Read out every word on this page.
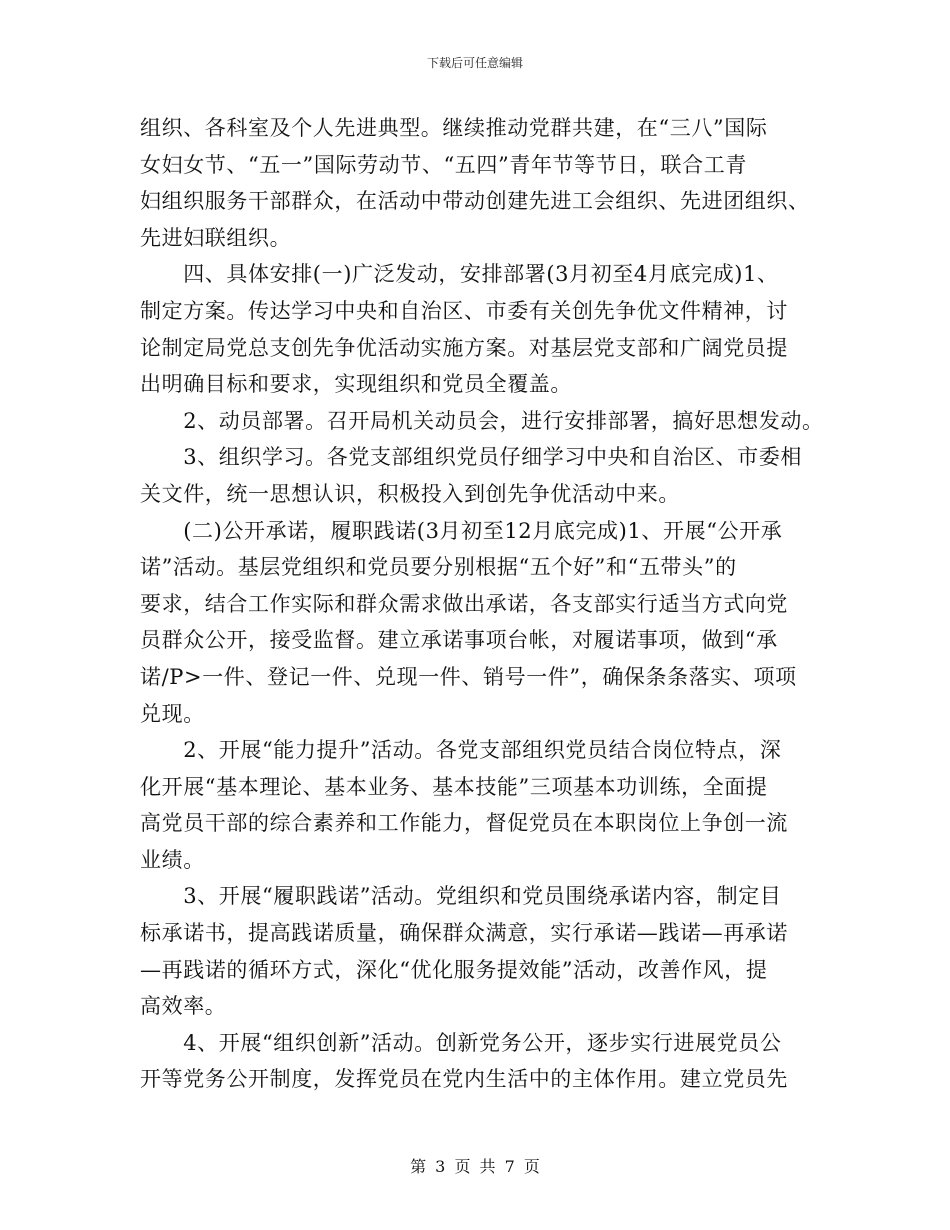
下载后可任意编辑
组织、各科室及个人先进典型。继续推动党群共建，在“三八”国际
女妇女节、“五一”国际劳动节、“五四”青年节等节日，联合工青
妇组织服务干部群众，在活动中带动创建先进工会组织、先进团组织、
先进妇联组织。
　　四、具体安排(一)广泛发动，安排部署(3月初至4月底完成)1、
制定方案。传达学习中央和自治区、市委有关创先争优文件精神，讨
论制定局党总支创先争优活动实施方案。对基层党支部和广阔党员提
出明确目标和要求，实现组织和党员全覆盖。
　　2、动员部署。召开局机关动员会，进行安排部署，搞好思想发动。
　　3、组织学习。各党支部组织党员仔细学习中央和自治区、市委相
关文件，统一思想认识，积极投入到创先争优活动中来。
　　(二)公开承诺，履职践诺(3月初至12月底完成)1、开展“公开承
诺”活动。基层党组织和党员要分别根据“五个好”和“五带头”的
要求，结合工作实际和群众需求做出承诺，各支部实行适当方式向党
员群众公开，接受监督。建立承诺事项台帐，对履诺事项，做到“承
诺/P>一件、登记一件、兑现一件、销号一件”，确保条条落实、项项
兑现。
　　2、开展“能力提升”活动。各党支部组织党员结合岗位特点，深
化开展“基本理论、基本业务、基本技能”三项基本功训练，全面提
高党员干部的综合素养和工作能力，督促党员在本职岗位上争创一流
业绩。
　　3、开展“履职践诺”活动。党组织和党员围绕承诺内容，制定目
标承诺书，提高践诺质量，确保群众满意，实行承诺—践诺—再承诺
—再践诺的循环方式，深化“优化服务提效能”活动，改善作风，提
高效率。
　　4、开展“组织创新”活动。创新党务公开，逐步实行进展党员公
开等党务公开制度，发挥党员在党内生活中的主体作用。建立党员先
第 3 页 共 7 页
